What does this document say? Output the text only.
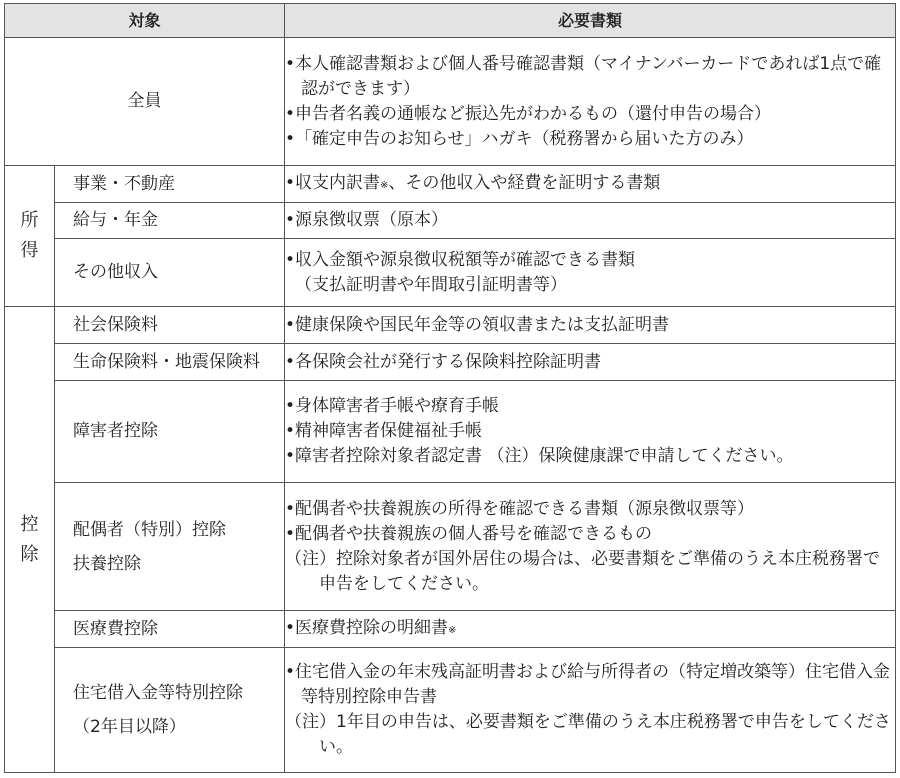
対象		必要書類
全員		•本人確認書類および個人番号確認書類（マイナンバーカードであれば1点で確認ができます）
•申告者名義の通帳など振込先がわかるもの（還付申告の場合）
•「確定申告のお知らせ」ハガキ（税務署から届いた方のみ）

所
得	事業・不動産	•収支内訳書※、その他収入や経費を証明する書類

	給与・年金	•源泉徴収票（原本）

	その他収入	•収入金額や源泉徴収税額等が確認できる書類
（支払証明書や年間取引証明書等）

控
除	社会保険料	•健康保険や国民年金等の領収書または支払証明書

	生命保険料・地震保険料	•各保険会社が発行する保険料控除証明書

	障害者控除	•身体障害者手帳や療育手帳
•精神障害者保健福祉手帳
•障害者控除対象者認定書 （注）保険健康課で申請してください。

	配偶者（特別）控除
扶養控除	•配偶者や扶養親族の所得を確認できる書類（源泉徴収票等）
•配偶者や扶養親族の個人番号を確認できるもの
（注）控除対象者が国外居住の場合は、必要書類をご準備のうえ本庄税務署で申告をしてください。

	医療費控除	•医療費控除の明細書※

	住宅借入金等特別控除
（2年目以降）	•住宅借入金の年末残高証明書および給与所得者の（特定増改築等）住宅借入金等特別控除申告書
（注）1年目の申告は、必要書類をご準備のうえ本庄税務署で申告をしてください。
